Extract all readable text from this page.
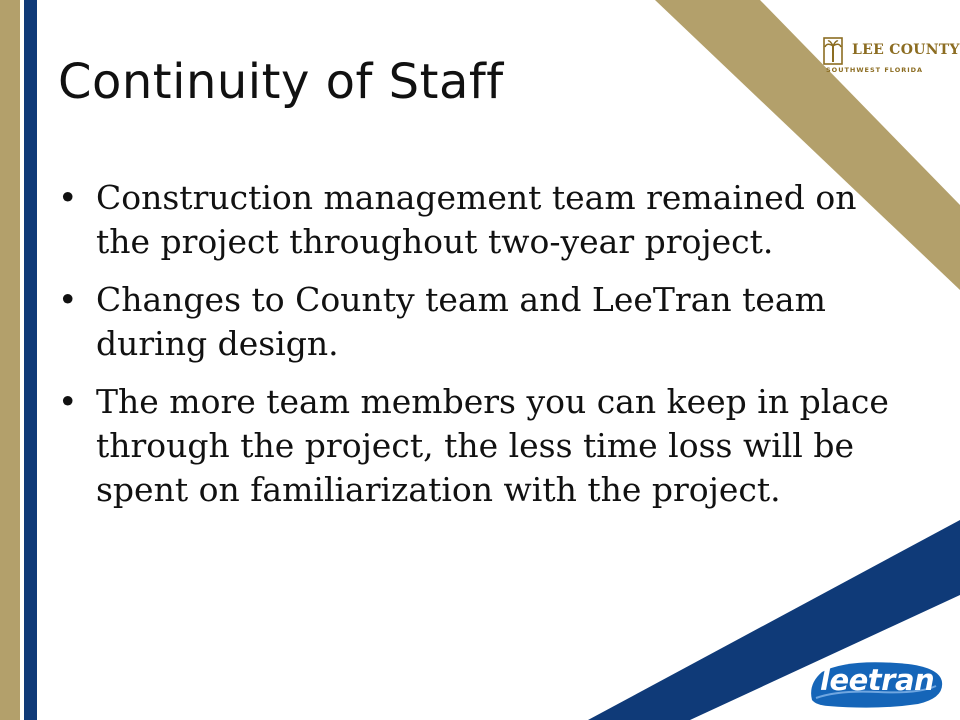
LEE COUNTY
SOUTHWEST FLORIDA
Continuity of Staff
• Construction management team remained on the project throughout two-year project.
• Changes to County team and LeeTran team during design.
• The more team members you can keep in place through the project, the less time loss will be spent on familiarization with the project.
leetran
